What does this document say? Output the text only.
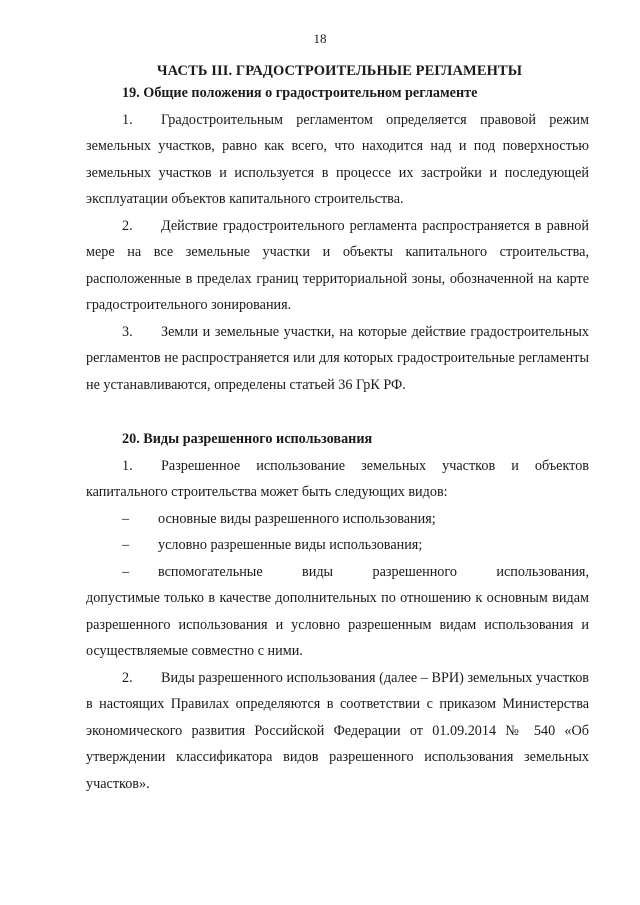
18
ЧАСТЬ III. ГРАДОСТРОИТЕЛЬНЫЕ РЕГЛАМЕНТЫ

19. Общие положения о градостроительном регламенте

1. Градостроительным регламентом определяется правовой режим земельных участков, равно как всего, что находится над и под поверхностью земельных участков и используется в процессе их застройки и последующей эксплуатации объектов капитального строительства.

2. Действие градостроительного регламента распространяется в равной мере на все земельные участки и объекты капитального строительства, расположенные в пределах границ территориальной зоны, обозначенной на карте градостроительного зонирования.

3. Земли и земельные участки, на которые действие градостроительных регламентов не распространяется или для которых градостроительные регламенты не устанавливаются, определены статьей 36 ГрК РФ.

20. Виды разрешенного использования

1. Разрешенное использование земельных участков и объектов капитального строительства может быть следующих видов:

–	основные виды разрешенного использования;
–	условно разрешенные виды использования;
–	вспомогательные виды разрешенного использования,

допустимые только в качестве дополнительных по отношению к основным видам разрешенного использования и условно разрешенным видам использования и осуществляемые совместно с ними.

2. Виды разрешенного использования (далее – ВРИ) земельных участков в настоящих Правилах определяются в соответствии с приказом Министерства экономического развития Российской Федерации от 01.09.2014 № 540 «Об утверждении классификатора видов разрешенного использования земельных участков».
